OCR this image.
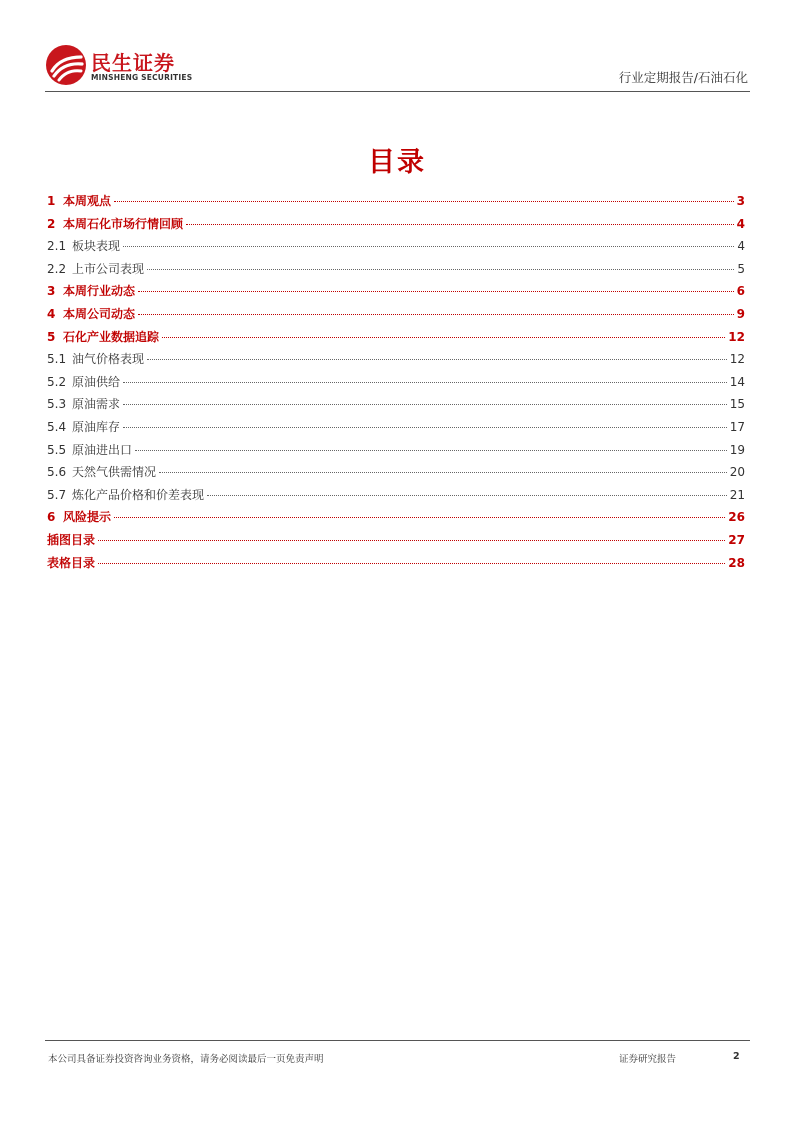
民生证券
MINSHENG SECURITIES	行业定期报告/石油石化
目录
1 本周观点	3
2 本周石化市场行情回顾	4
2.1 板块表现	4
2.2 上市公司表现	5
3 本周行业动态	6
4 本周公司动态	9
5 石化产业数据追踪	12
5.1 油气价格表现	12
5.2 原油供给	14
5.3 原油需求	15
5.4 原油库存	17
5.5 原油进出口	19
5.6 天然气供需情况	20
5.7 炼化产品价格和价差表现	21
6 风险提示	26
插图目录	27
表格目录	28
本公司具备证券投资咨询业务资格，请务必阅读最后一页免责声明	证券研究报告	2
